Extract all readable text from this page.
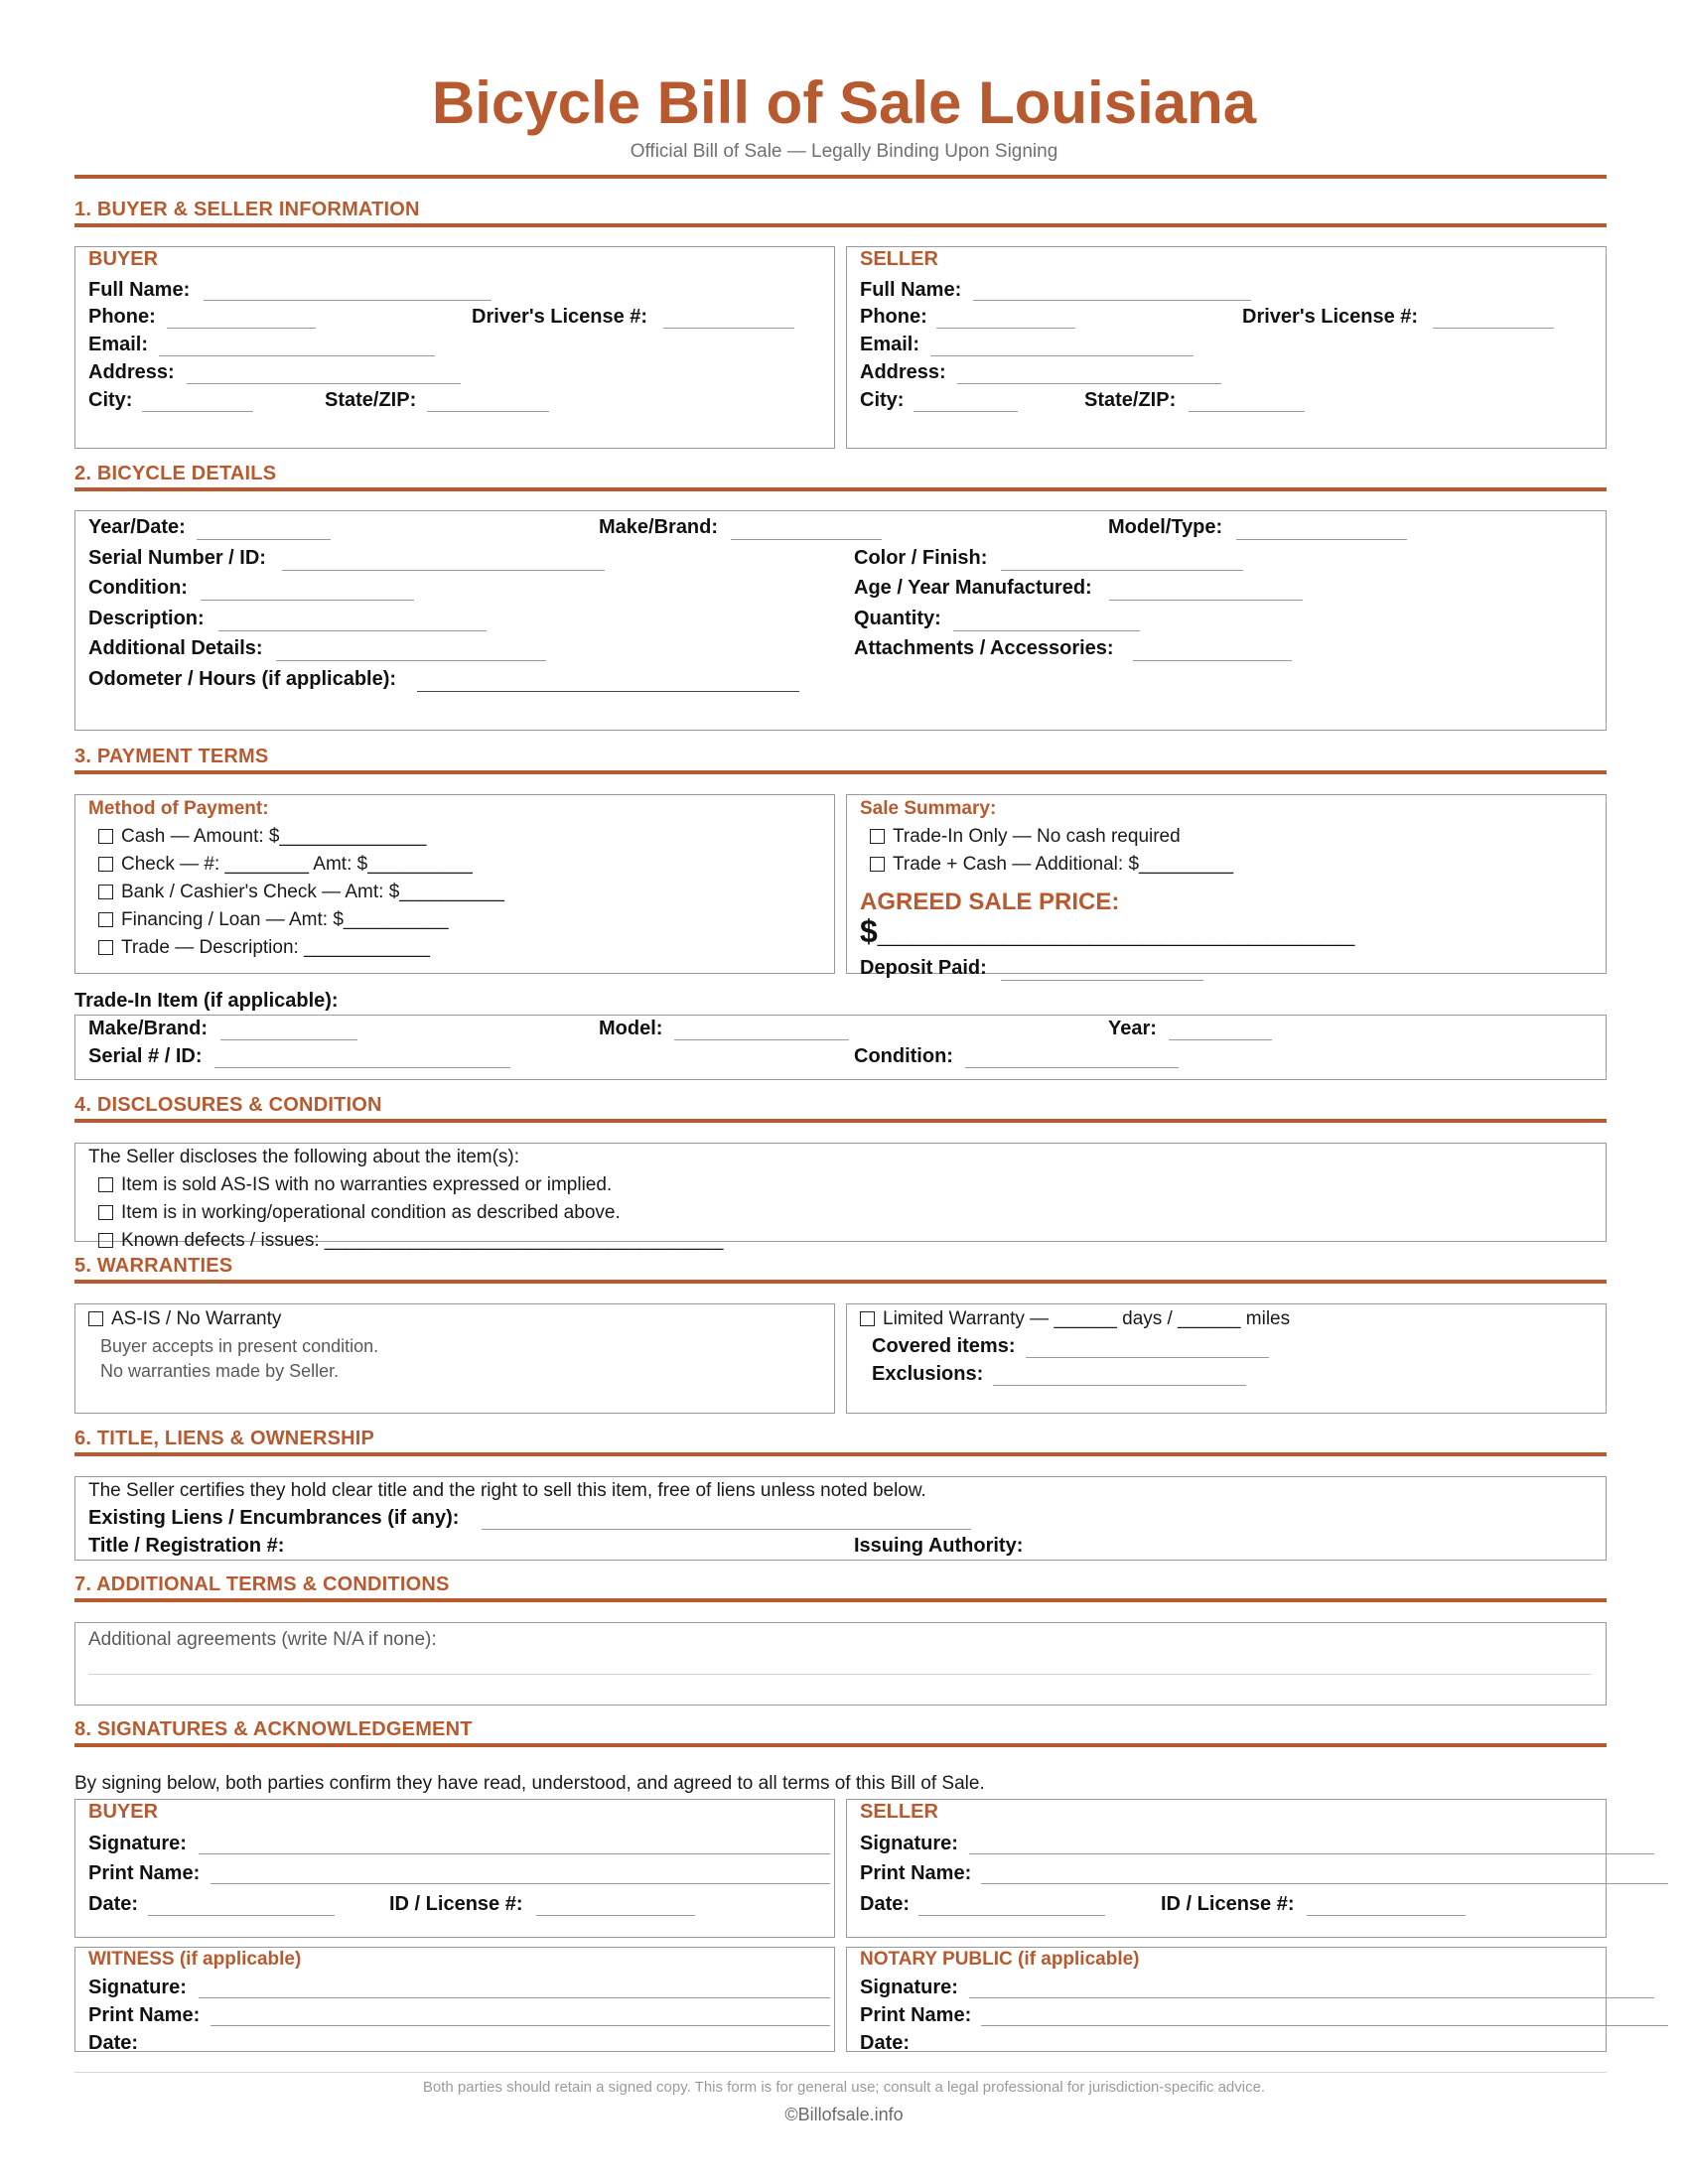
Bicycle Bill of Sale Louisiana
Official Bill of Sale — Legally Binding Upon Signing
1. BUYER & SELLER INFORMATION
BUYER
Full Name:
Phone:	Driver's License #:
Email:
Address:
City:	State/ZIP:
SELLER
Full Name:
Phone:	Driver's License #:
Email:
Address:
City:	State/ZIP:
2. BICYCLE DETAILS
Year/Date:	Make/Brand:	Model/Type:
Serial Number / ID:	Color / Finish:
Condition:	Age / Year Manufactured:
Description:	Quantity:
Additional Details:	Attachments / Accessories:
Odometer / Hours (if applicable):
3. PAYMENT TERMS
Method of Payment:
Cash — Amount: $______________
Check — #: ________ Amt: $__________
Bank / Cashier's Check — Amt: $__________
Financing / Loan — Amt: $__________
Trade — Description: ____________
Sale Summary:
Trade-In Only — No cash required
Trade + Cash — Additional: $_________
AGREED SALE PRICE:
$___________________________
Deposit Paid:
Trade-In Item (if applicable):
Make/Brand:	Model:	Year:
Serial # / ID:	Condition:
4. DISCLOSURES & CONDITION
The Seller discloses the following about the item(s):
Item is sold AS-IS with no warranties expressed or implied.
Item is in working/operational condition as described above.
Known defects / issues: ______________________________________
5. WARRANTIES
AS-IS / No Warranty
Buyer accepts in present condition.
No warranties made by Seller.
Limited Warranty — ______ days / ______ miles
Covered items:
Exclusions:
6. TITLE, LIENS & OWNERSHIP
The Seller certifies they hold clear title and the right to sell this item, free of liens unless noted below.
Existing Liens / Encumbrances (if any):
Title / Registration #:	Issuing Authority:
7. ADDITIONAL TERMS & CONDITIONS
Additional agreements (write N/A if none):
8. SIGNATURES & ACKNOWLEDGEMENT
By signing below, both parties confirm they have read, understood, and agreed to all terms of this Bill of Sale.
BUYER
Signature:
Print Name:
Date:	ID / License #:
SELLER
Signature:
Print Name:
Date:	ID / License #:
WITNESS (if applicable)
Signature:
Print Name:
Date:
NOTARY PUBLIC (if applicable)
Signature:
Print Name:
Date:
Both parties should retain a signed copy. This form is for general use; consult a legal professional for jurisdiction-specific advice.
©Billofsale.info
